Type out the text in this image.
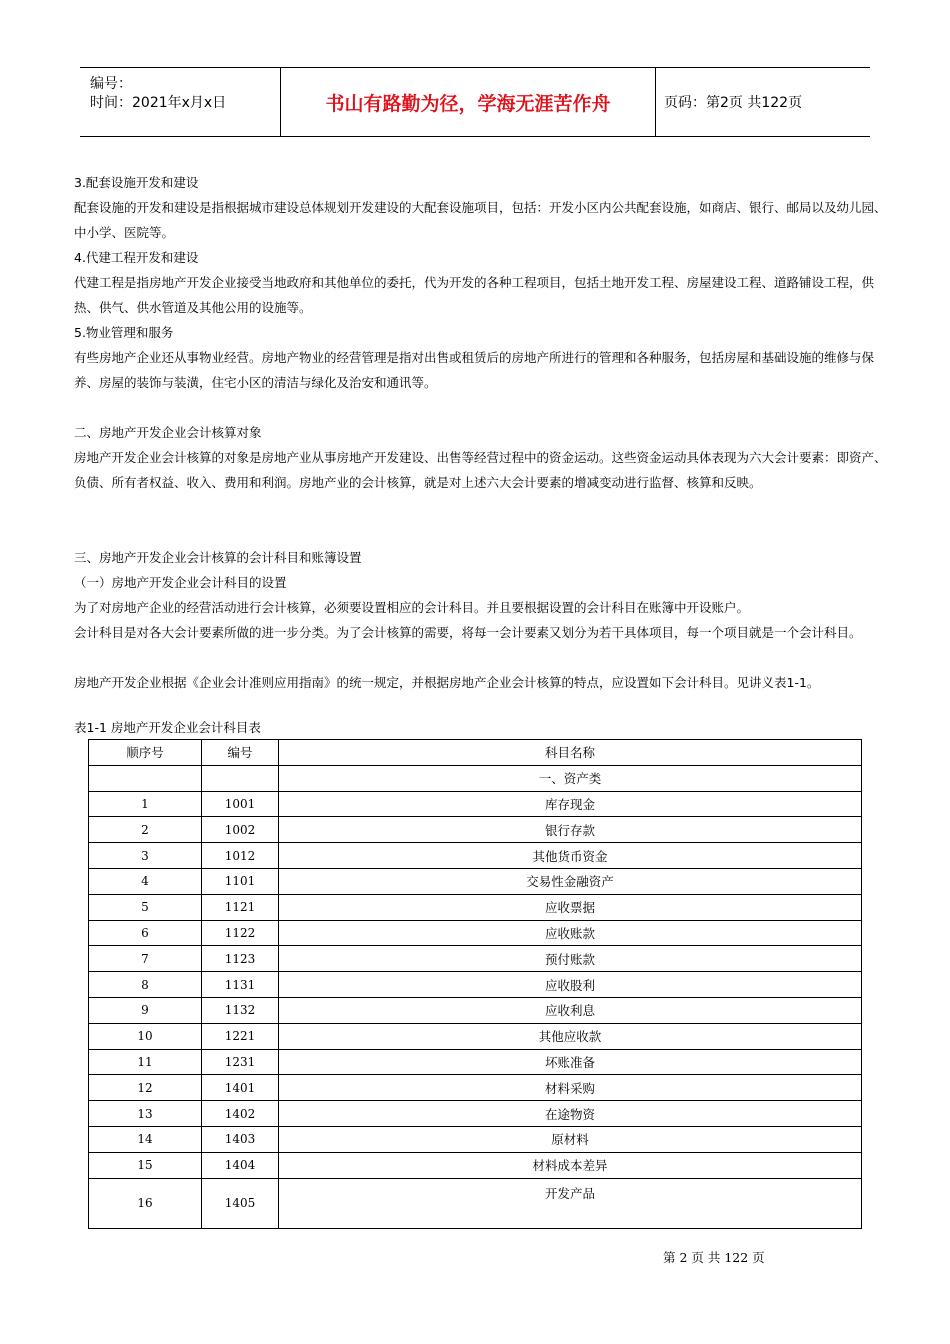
编号：
时间：2021年x月x日	书山有路勤为径，学海无涯苦作舟	页码：第2页 共122页
3.配套设施开发和建设
配套设施的开发和建设是指根据城市建设总体规划开发建设的大配套设施项目，包括：开发小区内公共配套设施，如商店、银行、邮局以及幼儿园、中小学、医院等。
4.代建工程开发和建设
代建工程是指房地产开发企业接受当地政府和其他单位的委托，代为开发的各种工程项目，包括土地开发工程、房屋建设工程、道路铺设工程，供热、供气、供水管道及其他公用的设施等。
5.物业管理和服务
有些房地产企业还从事物业经营。房地产物业的经营管理是指对出售或租赁后的房地产所进行的管理和各种服务，包括房屋和基础设施的维修与保养、房屋的装饰与装潢，住宅小区的清洁与绿化及治安和通讯等。
二、房地产开发企业会计核算对象
房地产开发企业会计核算的对象是房地产业从事房地产开发建设、出售等经营过程中的资金运动。这些资金运动具体表现为六大会计要素：即资产、负债、所有者权益、收入、费用和利润。房地产业的会计核算，就是对上述六大会计要素的增减变动进行监督、核算和反映。
三、房地产开发企业会计核算的会计科目和账簿设置
（一）房地产开发企业会计科目的设置
为了对房地产企业的经营活动进行会计核算，必须要设置相应的会计科目。并且要根据设置的会计科目在账簿中开设账户。
会计科目是对各大会计要素所做的进一步分类。为了会计核算的需要，将每一会计要素又划分为若干具体项目，每一个项目就是一个会计科目。
房地产开发企业根据《企业会计准则应用指南》的统一规定，并根据房地产企业会计核算的特点，应设置如下会计科目。见讲义表1-1。
表1-1 房地产开发企业会计科目表
顺序号	编号	科目名称
		一、资产类
1	1001	库存现金
2	1002	银行存款
3	1012	其他货币资金
4	1101	交易性金融资产
5	1121	应收票据
6	1122	应收账款
7	1123	预付账款
8	1131	应收股利
9	1132	应收利息
10	1221	其他应收款
11	1231	坏账准备
12	1401	材料采购
13	1402	在途物资
14	1403	原材料
15	1404	材料成本差异
16	1405	开发产品
第 2 页 共 122 页
